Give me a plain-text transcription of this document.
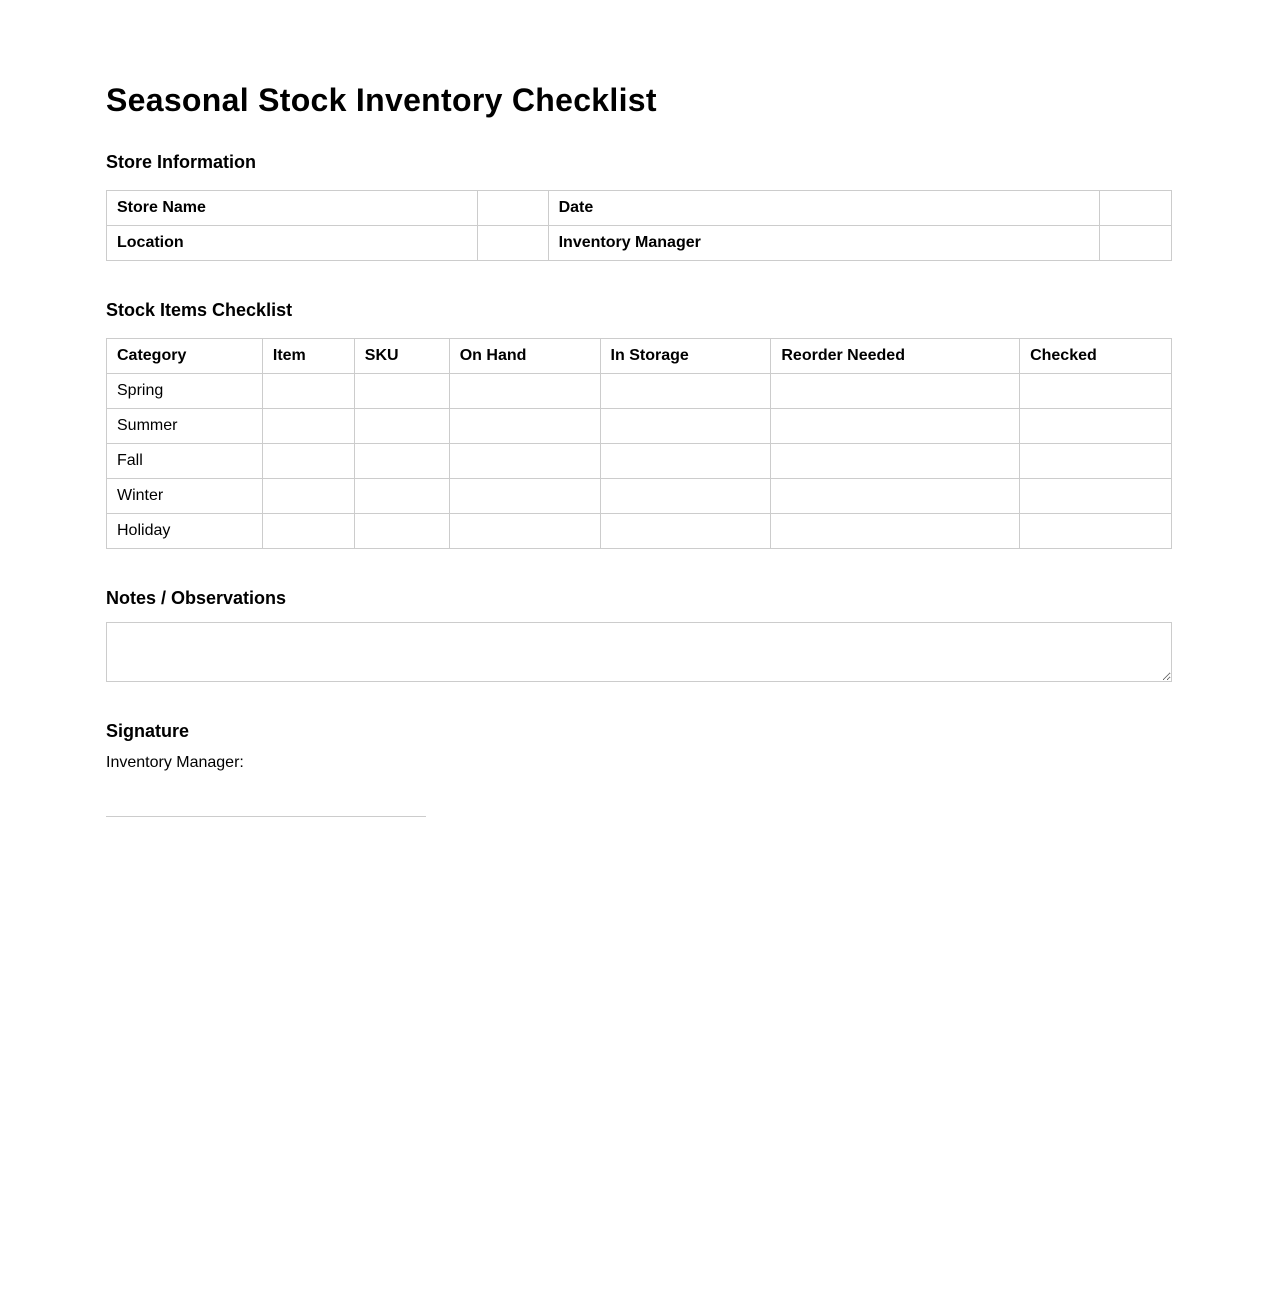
Seasonal Stock Inventory Checklist
Store Information
Store Name		Date	
Location		Inventory Manager	
Stock Items Checklist
Category	Item	SKU	On Hand	In Storage	Reorder Needed	Checked
Spring						
Summer						
Fall						
Winter						
Holiday						
Notes / Observations
Signature
Inventory Manager:
